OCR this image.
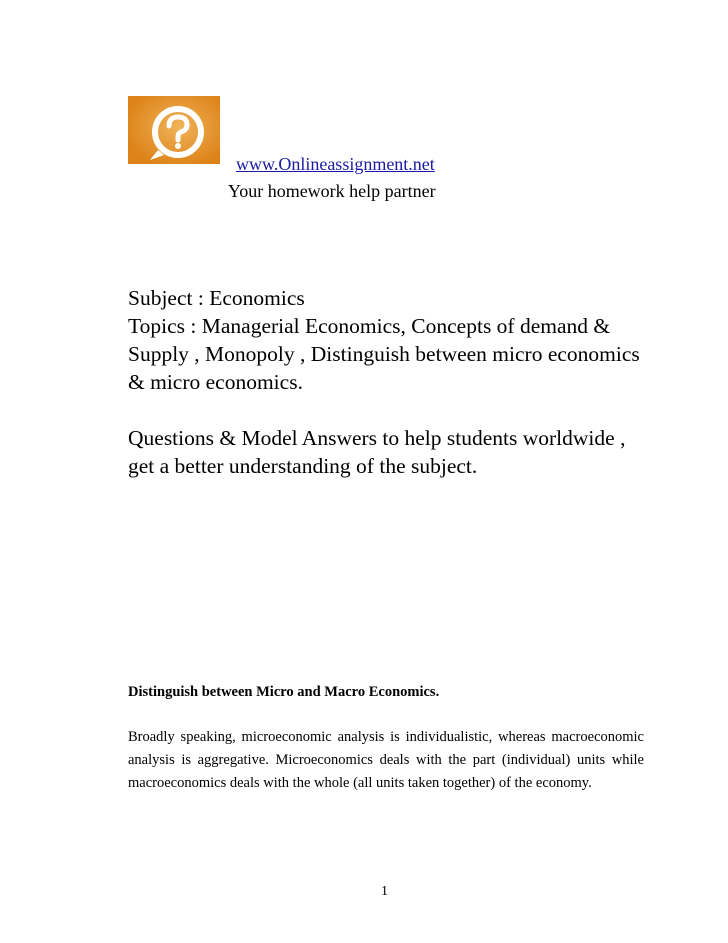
www.Onlineassignment.net
Your homework help partner

Subject : Economics

Topics : Managerial Economics, Concepts of demand & Supply , Monopoly , Distinguish between micro economics & micro economics.

Questions & Model Answers to help students worldwide , get a better understanding of the subject.

Distinguish between Micro and Macro Economics.

Broadly speaking, microeconomic analysis is individualistic, whereas macroeconomic analysis is aggregative. Microeconomics deals with the part (individual) units while macroeconomics deals with the whole (all units taken together) of the economy.

1
